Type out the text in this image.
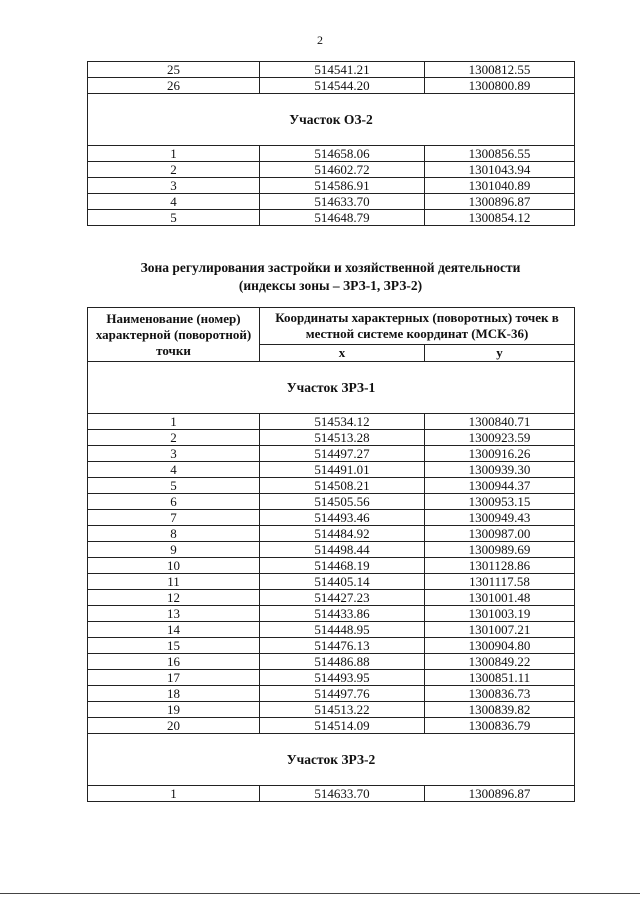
2
25	514541.21	1300812.55
26	514544.20	1300800.89
Участок ОЗ-2		
1	514658.06	1300856.55
2	514602.72	1301043.94
3	514586.91	1301040.89
4	514633.70	1300896.87
5	514648.79	1300854.12
Зона регулирования застройки и хозяйственной деятельности
(индексы зоны – ЗРЗ-1, ЗРЗ-2)
Наименование (номер) характерной (поворотной) точки	Координаты характерных (поворотных) точек в местной системе координат (МСК-36)	
	x	y
Участок ЗРЗ-1		
1	514534.12	1300840.71
2	514513.28	1300923.59
3	514497.27	1300916.26
4	514491.01	1300939.30
5	514508.21	1300944.37
6	514505.56	1300953.15
7	514493.46	1300949.43
8	514484.92	1300987.00
9	514498.44	1300989.69
10	514468.19	1301128.86
11	514405.14	1301117.58
12	514427.23	1301001.48
13	514433.86	1301003.19
14	514448.95	1301007.21
15	514476.13	1300904.80
16	514486.88	1300849.22
17	514493.95	1300851.11
18	514497.76	1300836.73
19	514513.22	1300839.82
20	514514.09	1300836.79
Участок ЗРЗ-2		
1	514633.70	1300896.87
